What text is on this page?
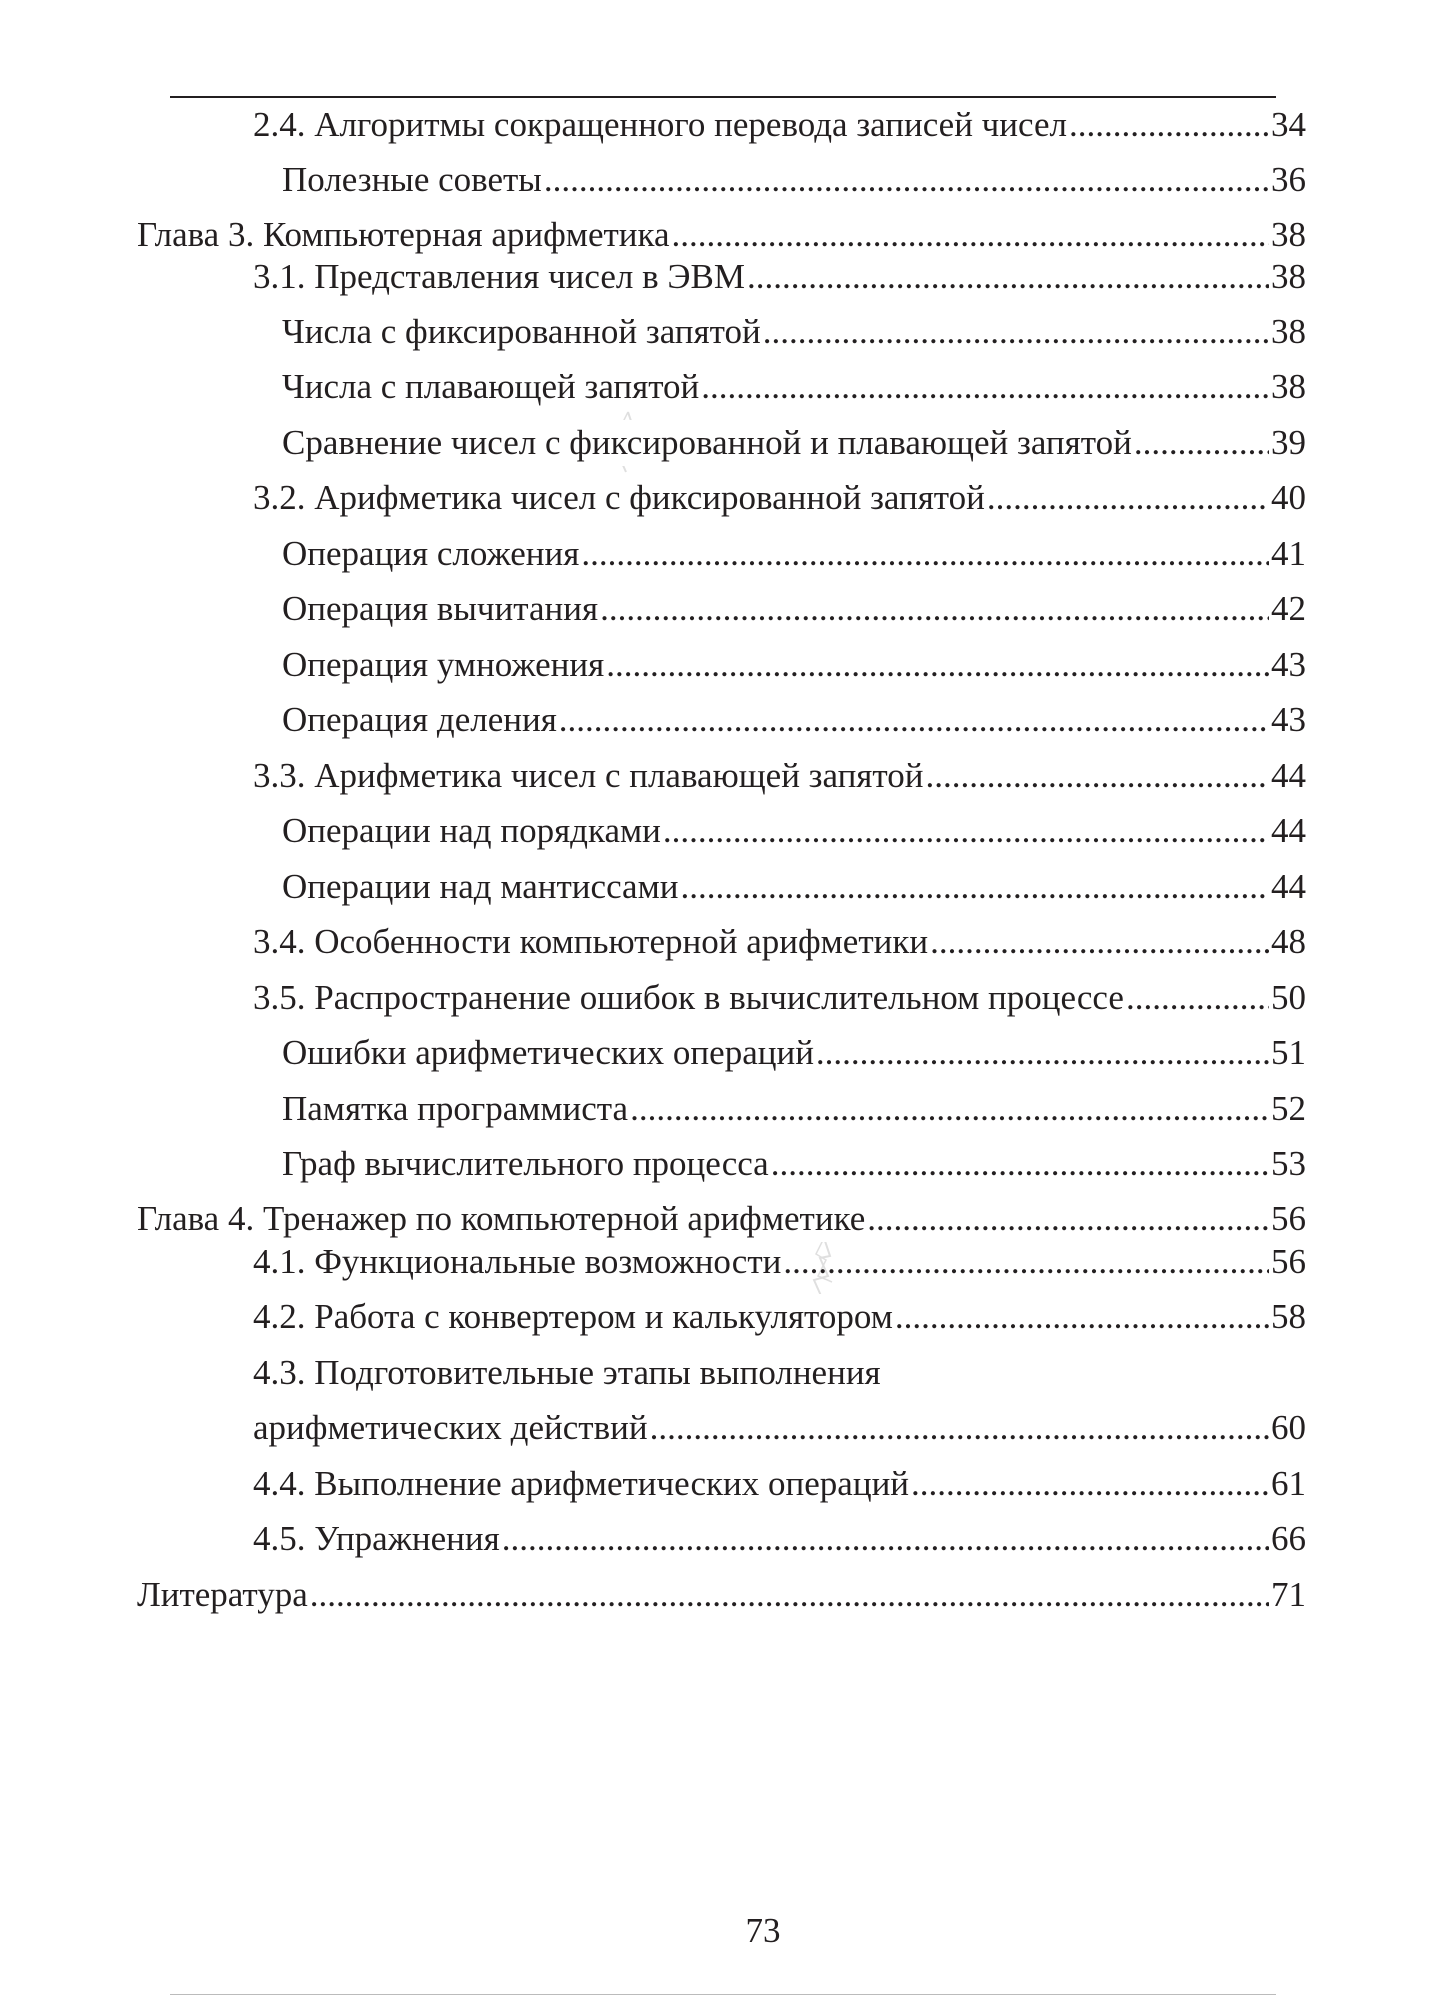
2.4. Алгоритмы сокращенного перевода записей чисел .....	34
Полезные советы .....	36
Глава 3. Компьютерная арифметика .....	38
3.1. Представления чисел в ЭВМ .....	38
Числа с фиксированной запятой .....	38
Числа с плавающей запятой .....	38
Сравнение чисел с фиксированной и плавающей запятой .....	39
3.2. Арифметика чисел с фиксированной запятой .....	40
Операция сложения .....	41
Операция вычитания .....	42
Операция умножения .....	43
Операция деления .....	43
3.3. Арифметика чисел с плавающей запятой .....	44
Операции над порядками .....	44
Операции над мантиссами .....	44
3.4. Особенности компьютерной арифметики .....	48
3.5. Распространение ошибок в вычислительном процессе .....	50
Ошибки арифметических операций .....	51
Памятка программиста .....	52
Граф вычислительного процесса .....	53
Глава 4. Тренажер по компьютерной арифметике .....	56
4.1. Функциональные возможности .....	56
4.2. Работа с конвертером и калькулятором .....	58
4.3. Подготовительные этапы выполнения
арифметических действий .....	60
4.4. Выполнение арифметических операций .....	61
4.5. Упражнения .....	66
Литература .....	71
73
